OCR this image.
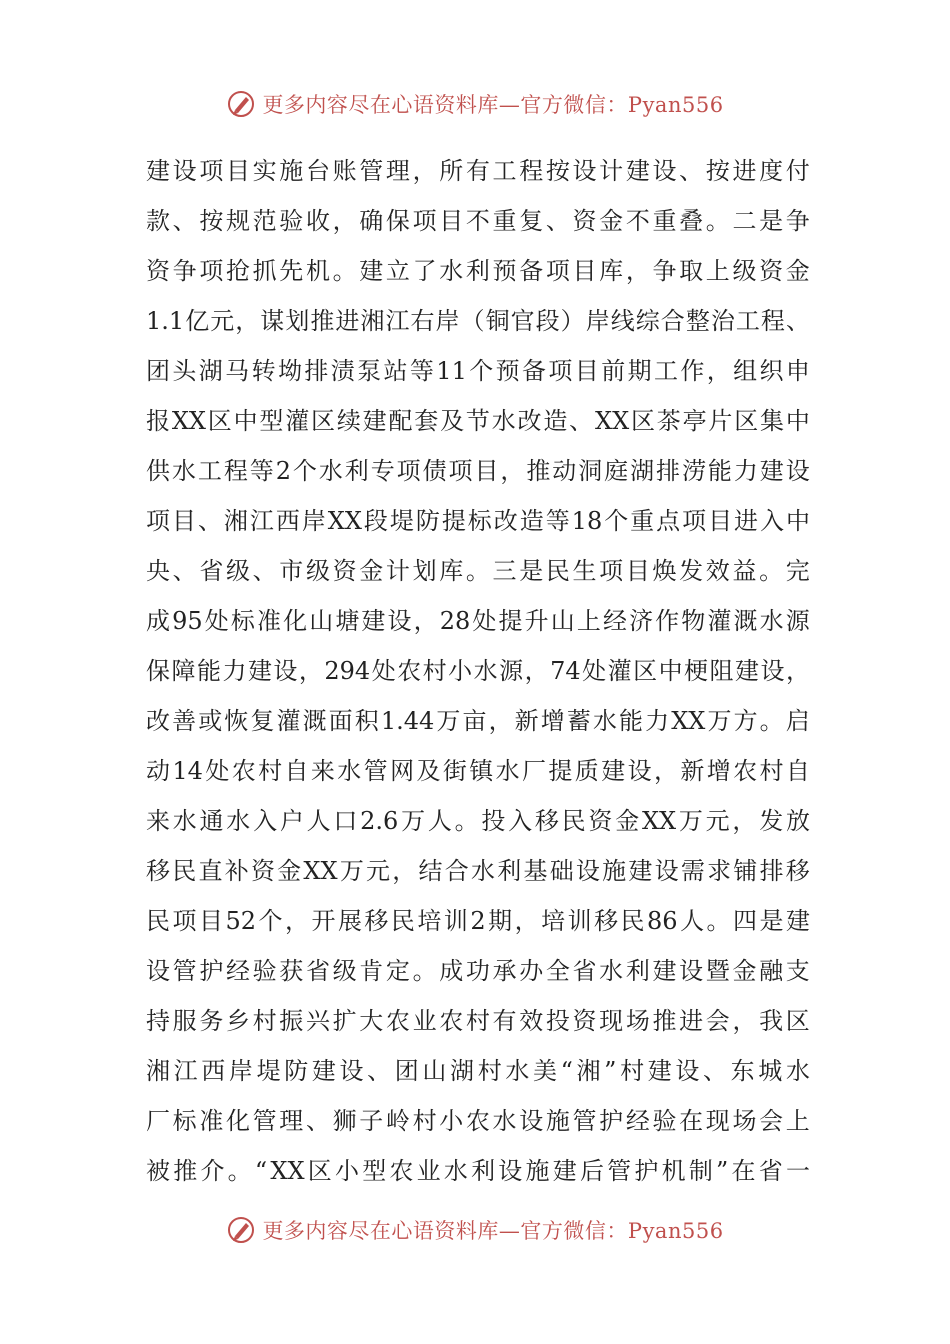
更多内容尽在心语资料库—官方微信：Pyan556
建 设 项 目 实 施 台 账 管 理 ， 所 有 工 程 按 设 计 建 设 、 按 进 度 付
款 、 按 规 范 验 收 ， 确 保 项 目 不 重 复 、 资 金 不 重 叠 。 二 是 争
资 争 项 抢 抓 先 机 。 建 立 了 水 利 预 备 项 目 库 ， 争 取 上 级 资 金
1.1 亿 元 ， 谋 划 推 进 湘 江 右 岸 （ 铜 官 段 ） 岸 线 综 合 整 治 工 程 、
团 头 湖 马 转 坳 排 渍 泵 站 等 11 个 预 备 项 目 前 期 工 作 ， 组 织 申
报 XX 区 中 型 灌 区 续 建 配 套 及 节 水 改 造 、 XX 区 茶 亭 片 区 集 中
供 水 工 程 等 2 个 水 利 专 项 债 项 目 ， 推 动 洞 庭 湖 排 涝 能 力 建 设
项 目 、 湘 江 西 岸 XX 段 堤 防 提 标 改 造 等 18 个 重 点 项 目 进 入 中
央 、 省 级 、 市 级 资 金 计 划 库 。 三 是 民 生 项 目 焕 发 效 益 。 完
成 95 处 标 准 化 山 塘 建 设 ， 28 处 提 升 山 上 经 济 作 物 灌 溉 水 源
保 障 能 力 建 设 ， 294 处 农 村 小 水 源 ， 74 处 灌 区 中 梗 阻 建 设 ，
改 善 或 恢 复 灌 溉 面 积 1.44 万 亩 ， 新 增 蓄 水 能 力 XX 万 方 。 启
动 14 处 农 村 自 来 水 管 网 及 街 镇 水 厂 提 质 建 设 ， 新 增 农 村 自
来 水 通 水 入 户 人 口 2.6 万 人 。 投 入 移 民 资 金 XX 万 元 ， 发 放
移 民 直 补 资 金 XX 万 元 ， 结 合 水 利 基 础 设 施 建 设 需 求 铺 排 移
民 项 目 52 个 ， 开 展 移 民 培 训 2 期 ， 培 训 移 民 86 人 。 四 是 建
设 管 护 经 验 获 省 级 肯 定 。 成 功 承 办 全 省 水 利 建 设 暨 金 融 支
持 服 务 乡 村 振 兴 扩 大 农 业 农 村 有 效 投 资 现 场 推 进 会 ， 我 区
湘 江 西 岸 堤 防 建 设 、 团 山 湖 村 水 美 “ 湘 ” 村 建 设 、 东 城 水
厂 标 准 化 管 理 、 狮 子 岭 村 小 农 水 设 施 管 护 经 验 在 现 场 会 上
被 推 介 。 “ XX 区 小 型 农 业 水 利 设 施 建 后 管 护 机 制 ” 在 省 一
更多内容尽在心语资料库—官方微信：Pyan556
